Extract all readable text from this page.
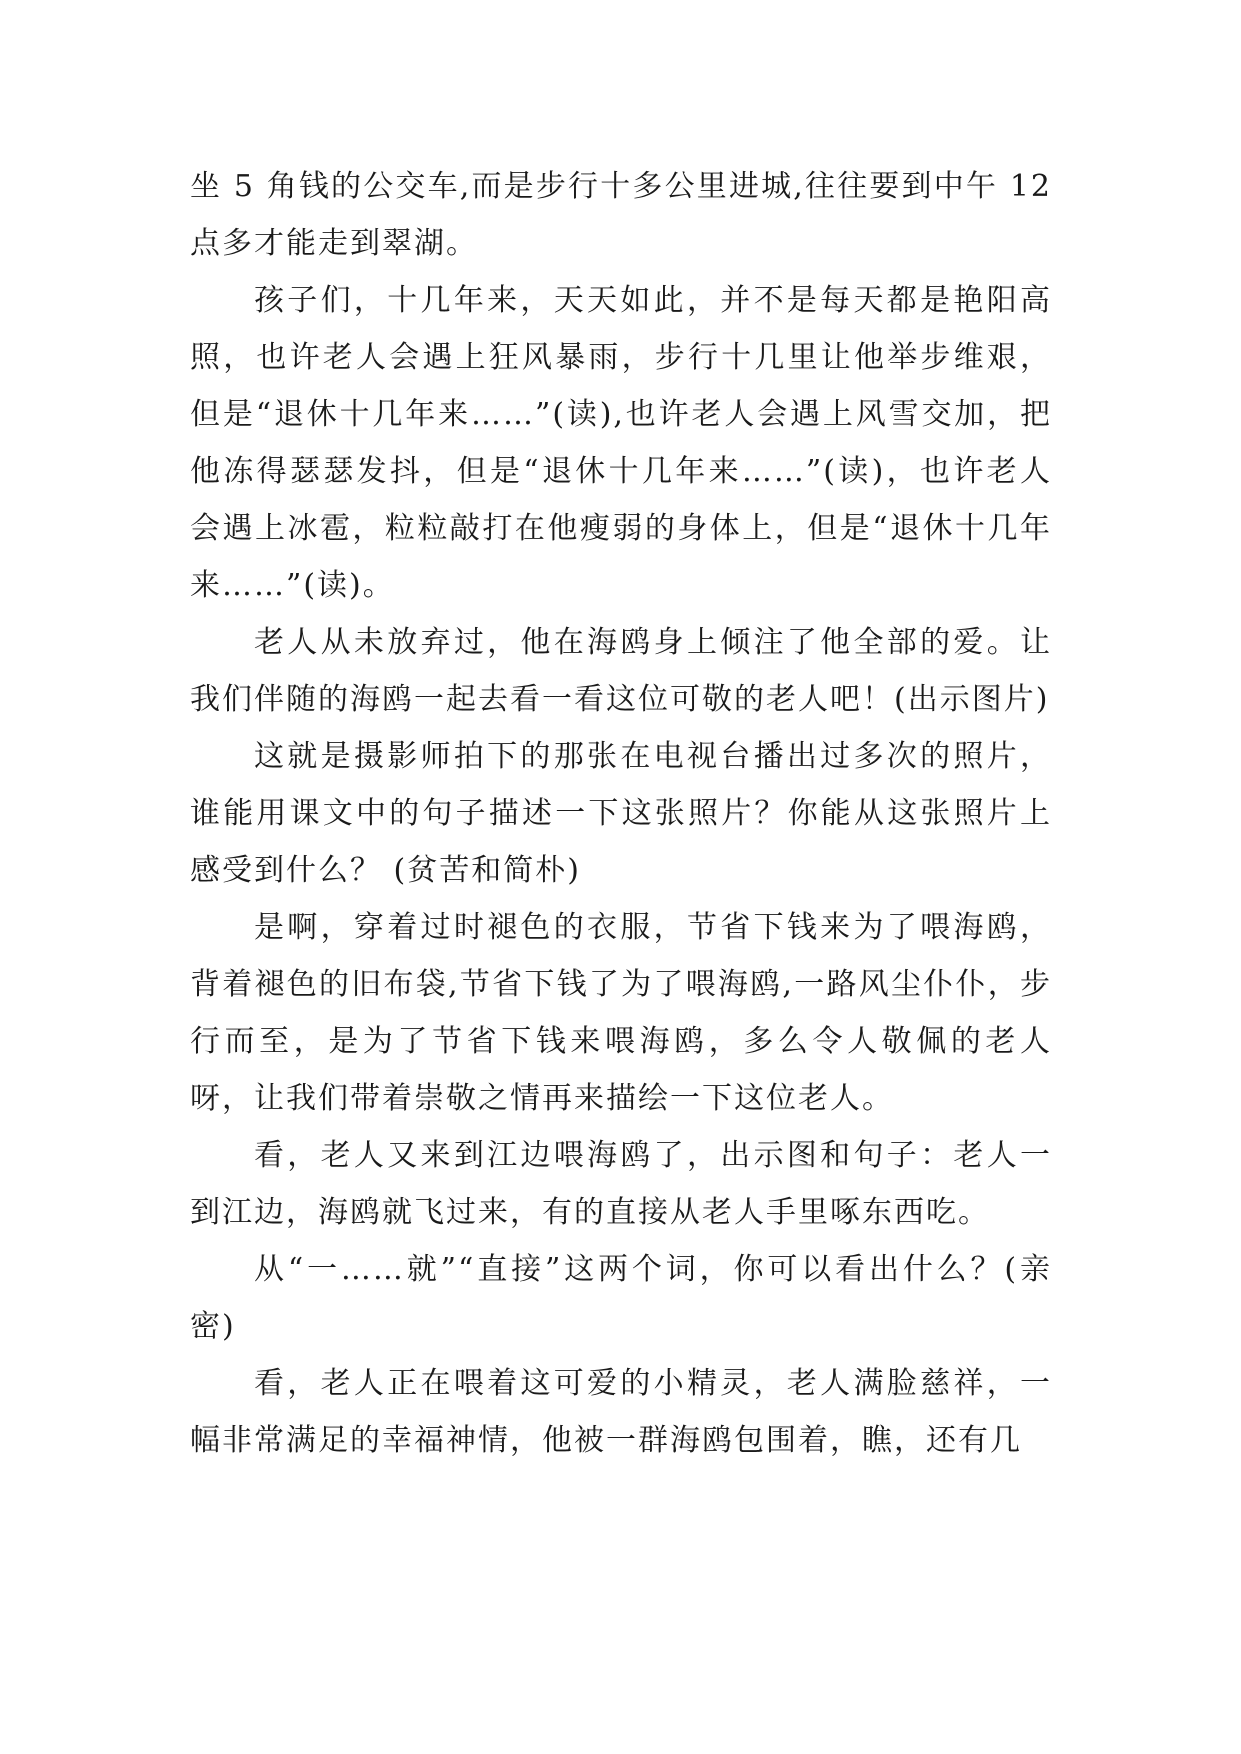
坐 5 角钱的公交车,而是步行十多公里进城,往往要到中午 12 点多才能走到翠湖。

孩子们，十几年来，天天如此，并不是每天都是艳阳高照，也许老人会遇上狂风暴雨，步行十几里让他举步维艰，但是“退休十几年来……”(读),也许老人会遇上风雪交加，把他冻得瑟瑟发抖，但是“退休十几年来……”(读)，也许老人会遇上冰雹，粒粒敲打在他瘦弱的身体上，但是“退休十几年来……”(读)。

老人从未放弃过，他在海鸥身上倾注了他全部的爱。让我们伴随的海鸥一起去看一看这位可敬的老人吧！(出示图片)

这就是摄影师拍下的那张在电视台播出过多次的照片，谁能用课文中的句子描述一下这张照片？你能从这张照片上感受到什么？ (贫苦和简朴)

是啊，穿着过时褪色的衣服，节省下钱来为了喂海鸥，背着褪色的旧布袋,节省下钱了为了喂海鸥,一路风尘仆仆，步行而至，是为了节省下钱来喂海鸥，多么令人敬佩的老人呀，让我们带着崇敬之情再来描绘一下这位老人。

看，老人又来到江边喂海鸥了，出示图和句子：老人一到江边，海鸥就飞过来，有的直接从老人手里啄东西吃。

从“一……就”“直接”这两个词，你可以看出什么？(亲密)

看，老人正在喂着这可爱的小精灵，老人满脸慈祥，一幅非常满足的幸福神情，他被一群海鸥包围着，瞧，还有几
